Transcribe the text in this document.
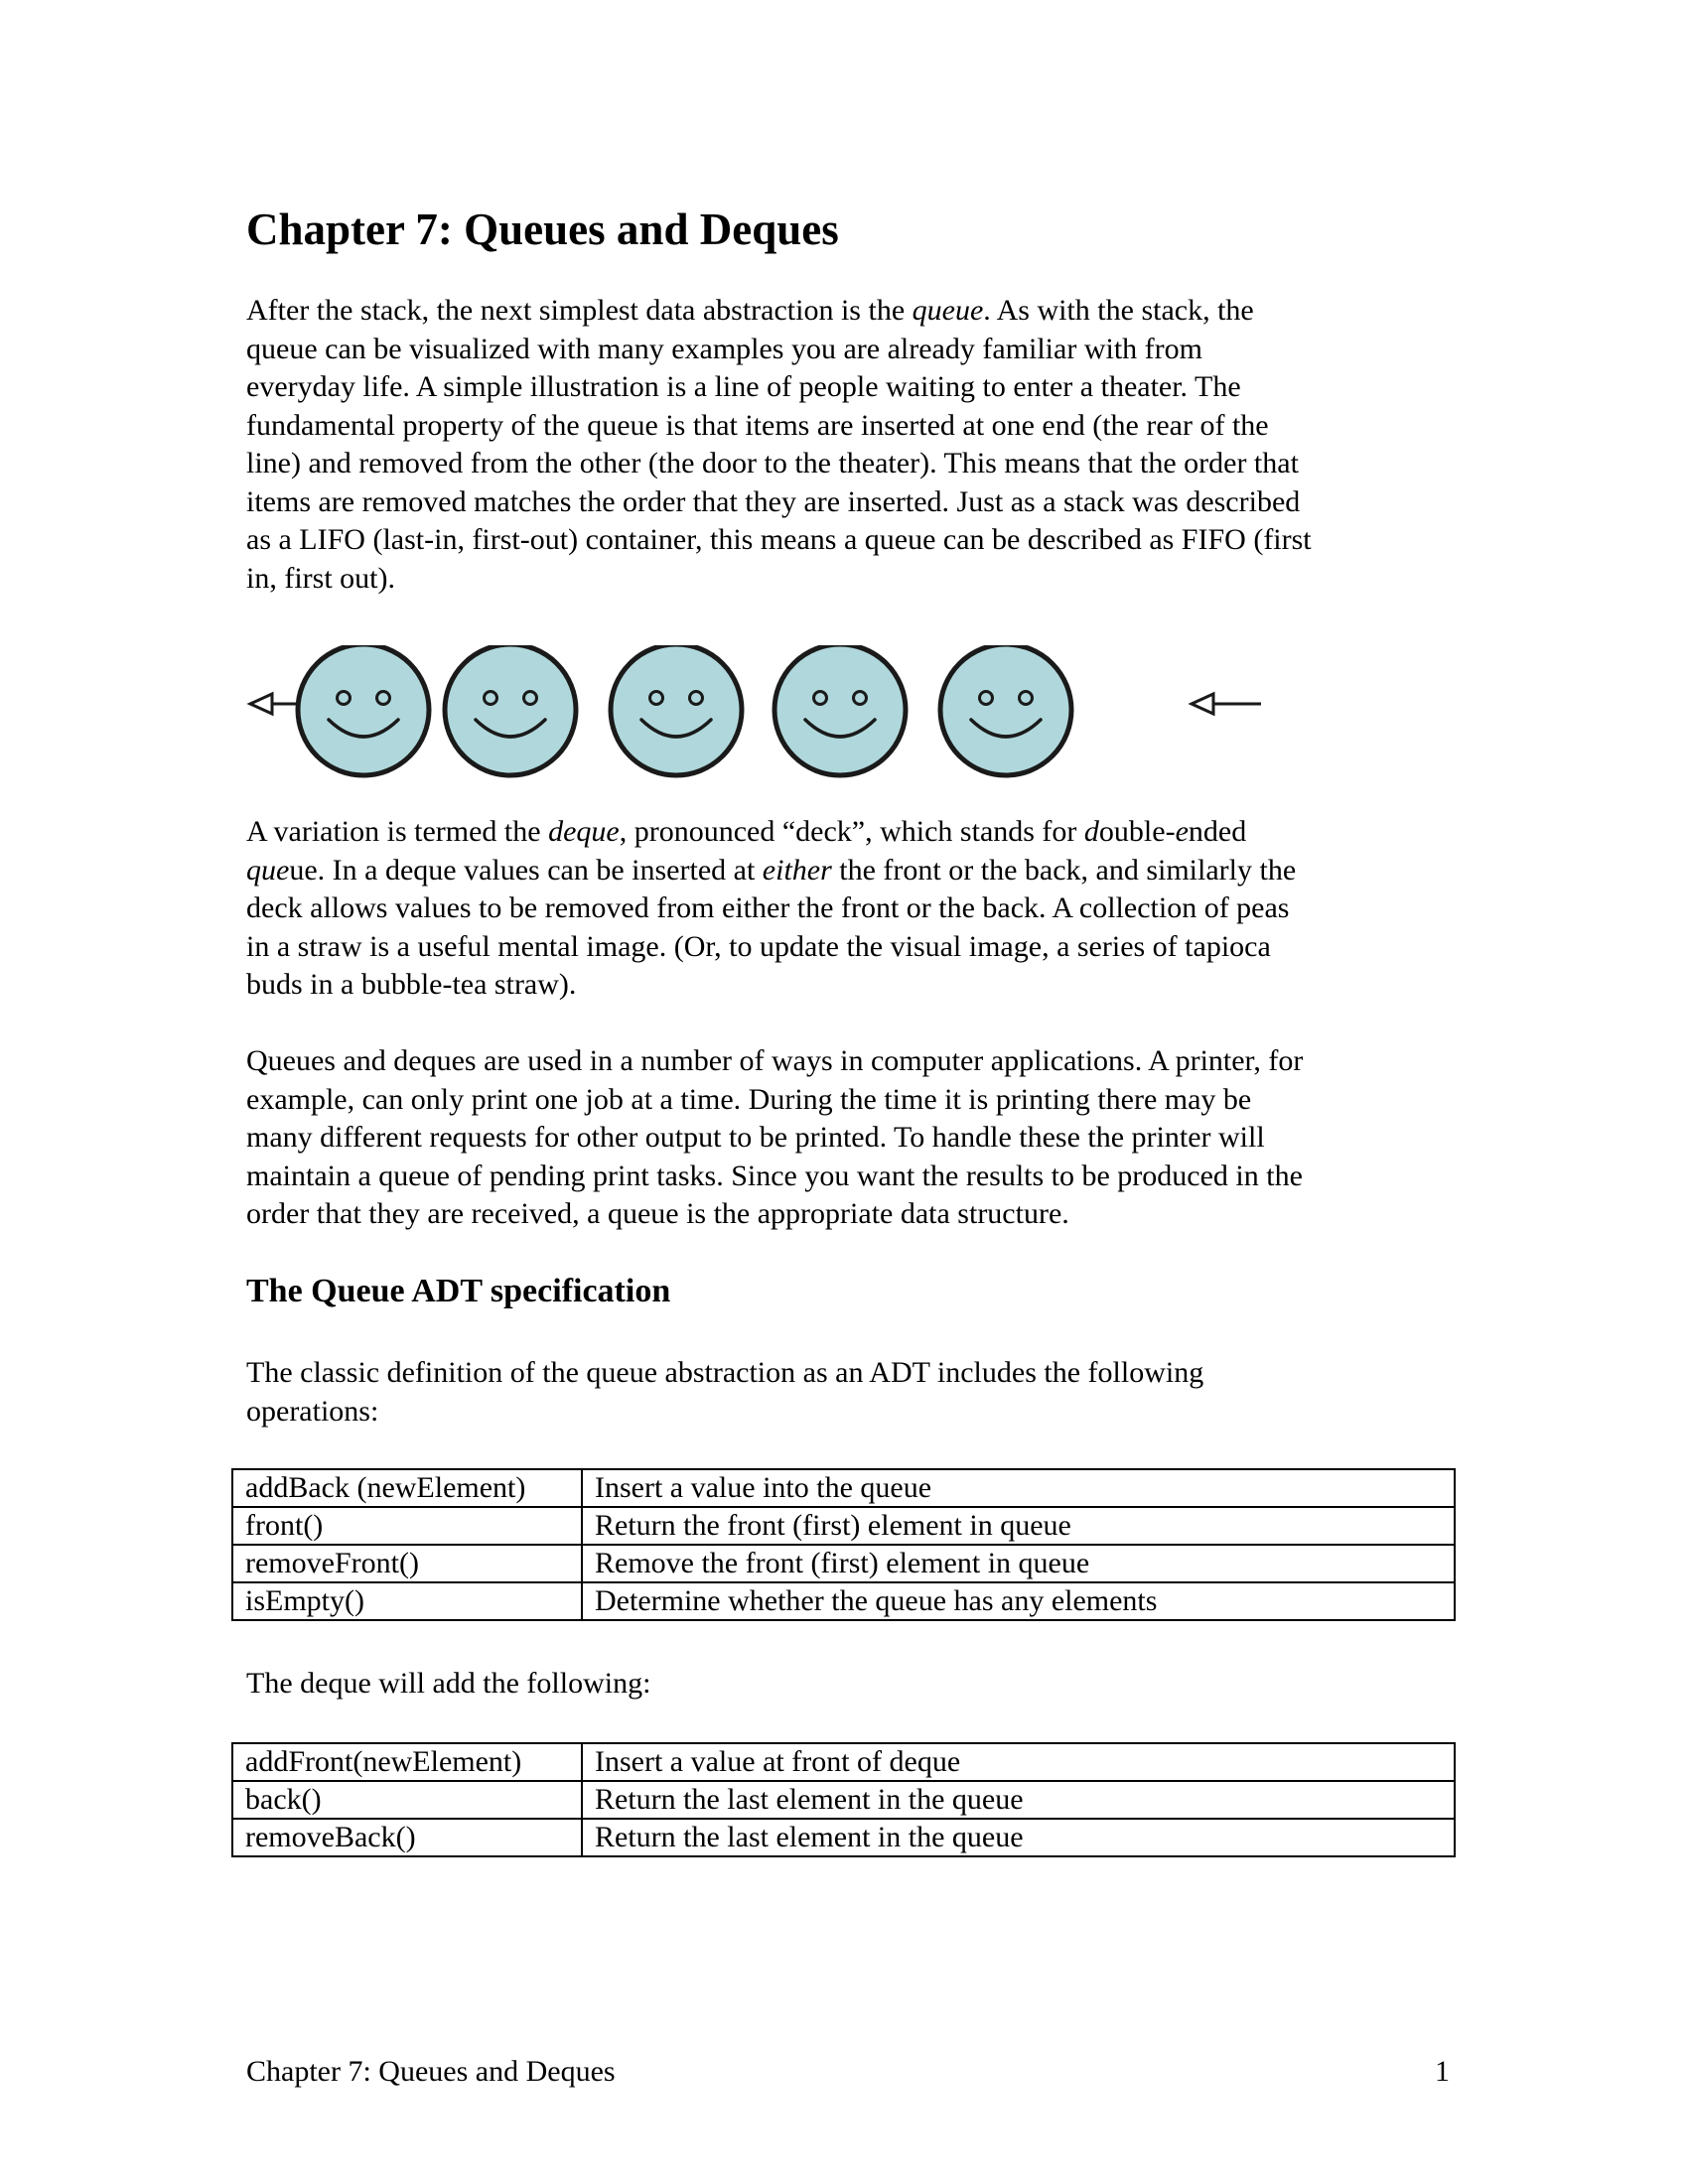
Chapter 7: Queues and Deques
After the stack, the next simplest data abstraction is the queue. As with the stack, the
queue can be visualized with many examples you are already familiar with from
everyday life. A simple illustration is a line of people waiting to enter a theater. The
fundamental property of the queue is that items are inserted at one end (the rear of the
line) and removed from the other (the door to the theater). This means that the order that
items are removed matches the order that they are inserted. Just as a stack was described
as a LIFO (last-in, first-out) container, this means a queue can be described as FIFO (first
in, first out).
A variation is termed the deque, pronounced “deck”, which stands for double-ended
queue. In a deque values can be inserted at either the front or the back, and similarly the
deck allows values to be removed from either the front or the back. A collection of peas
in a straw is a useful mental image. (Or, to update the visual image, a series of tapioca
buds in a bubble-tea straw).
Queues and deques are used in a number of ways in computer applications. A printer, for
example, can only print one job at a time. During the time it is printing there may be
many different requests for other output to be printed. To handle these the printer will
maintain a queue of pending print tasks. Since you want the results to be produced in the
order that they are received, a queue is the appropriate data structure.
The Queue ADT specification
The classic definition of the queue abstraction as an ADT includes the following
operations:
addBack (newElement)	Insert a value into the queue
front()	Return the front (first) element in queue
removeFront()	Remove the front (first) element in queue
isEmpty()	Determine whether the queue has any elements
The deque will add the following:
addFront(newElement)	Insert a value at front of deque
back()	Return the last element in the queue
removeBack()	Return the last element in the queue
Chapter 7: Queues and Deques	1
